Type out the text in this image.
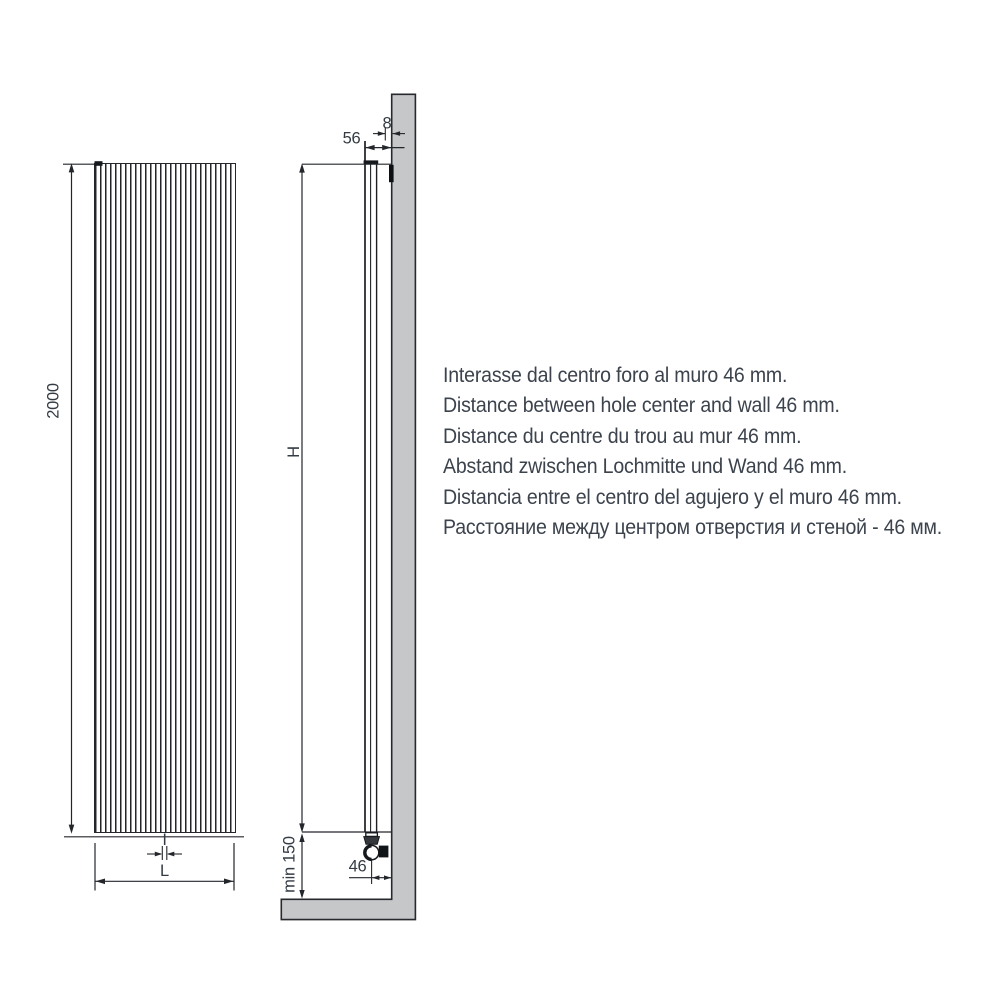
2000
I
L
H
56
8
46
min 150
Interasse dal centro foro al muro 46 mm.
Distance between hole center and wall 46 mm.
Distance du centre du trou au mur 46 mm.
Abstand zwischen Lochmitte und Wand 46 mm.
Distancia entre el centro del agujero y el muro 46 mm.
Расстояние между центром отверстия и стеной - 46 мм.
